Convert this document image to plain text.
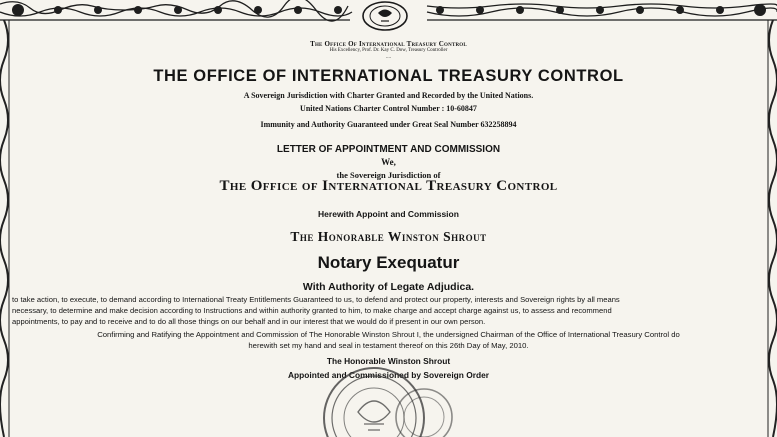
The Office Of International Treasury Control
His Excellency, Prof. Dr. Kay C. Dow, Treasury Controller
....
THE OFFICE OF INTERNATIONAL TREASURY CONTROL
A Sovereign Jurisdiction with Charter Granted and Recorded by the United Nations.
United Nations Charter Control Number : 10-60847
Immunity and Authority Guaranteed under Great Seal Number 632258894
LETTER OF APPOINTMENT AND COMMISSION
We,
the Sovereign Jurisdiction of
The Office of International Treasury Control
Herewith Appoint and Commission
The Honorable Winston Shrout
Notary Exequatur
With Authority of Legate Adjudica.
to take action, to execute, to demand according to International Treaty Entitlements Guaranteed to us, to defend and protect our property, interests and Sovereign rights by all means
necessary, to determine and make decision according to Instructions and within authority granted to him, to make charge and accept charge against us, to assess and recommend
appointments, to pay and to receive and to do all those things on our behalf and in our interest that we would do if present in our own person.
Confirming and Ratifying the Appointment and Commission of The Honorable Winston Shrout I, the undersigned Chairman of the Office of International Treasury Control do
herewith set my hand and seal in testament thereof on this 26th Day of May, 2010.
The Honorable Winston Shrout
Appointed and Commissioned by Sovereign Order
